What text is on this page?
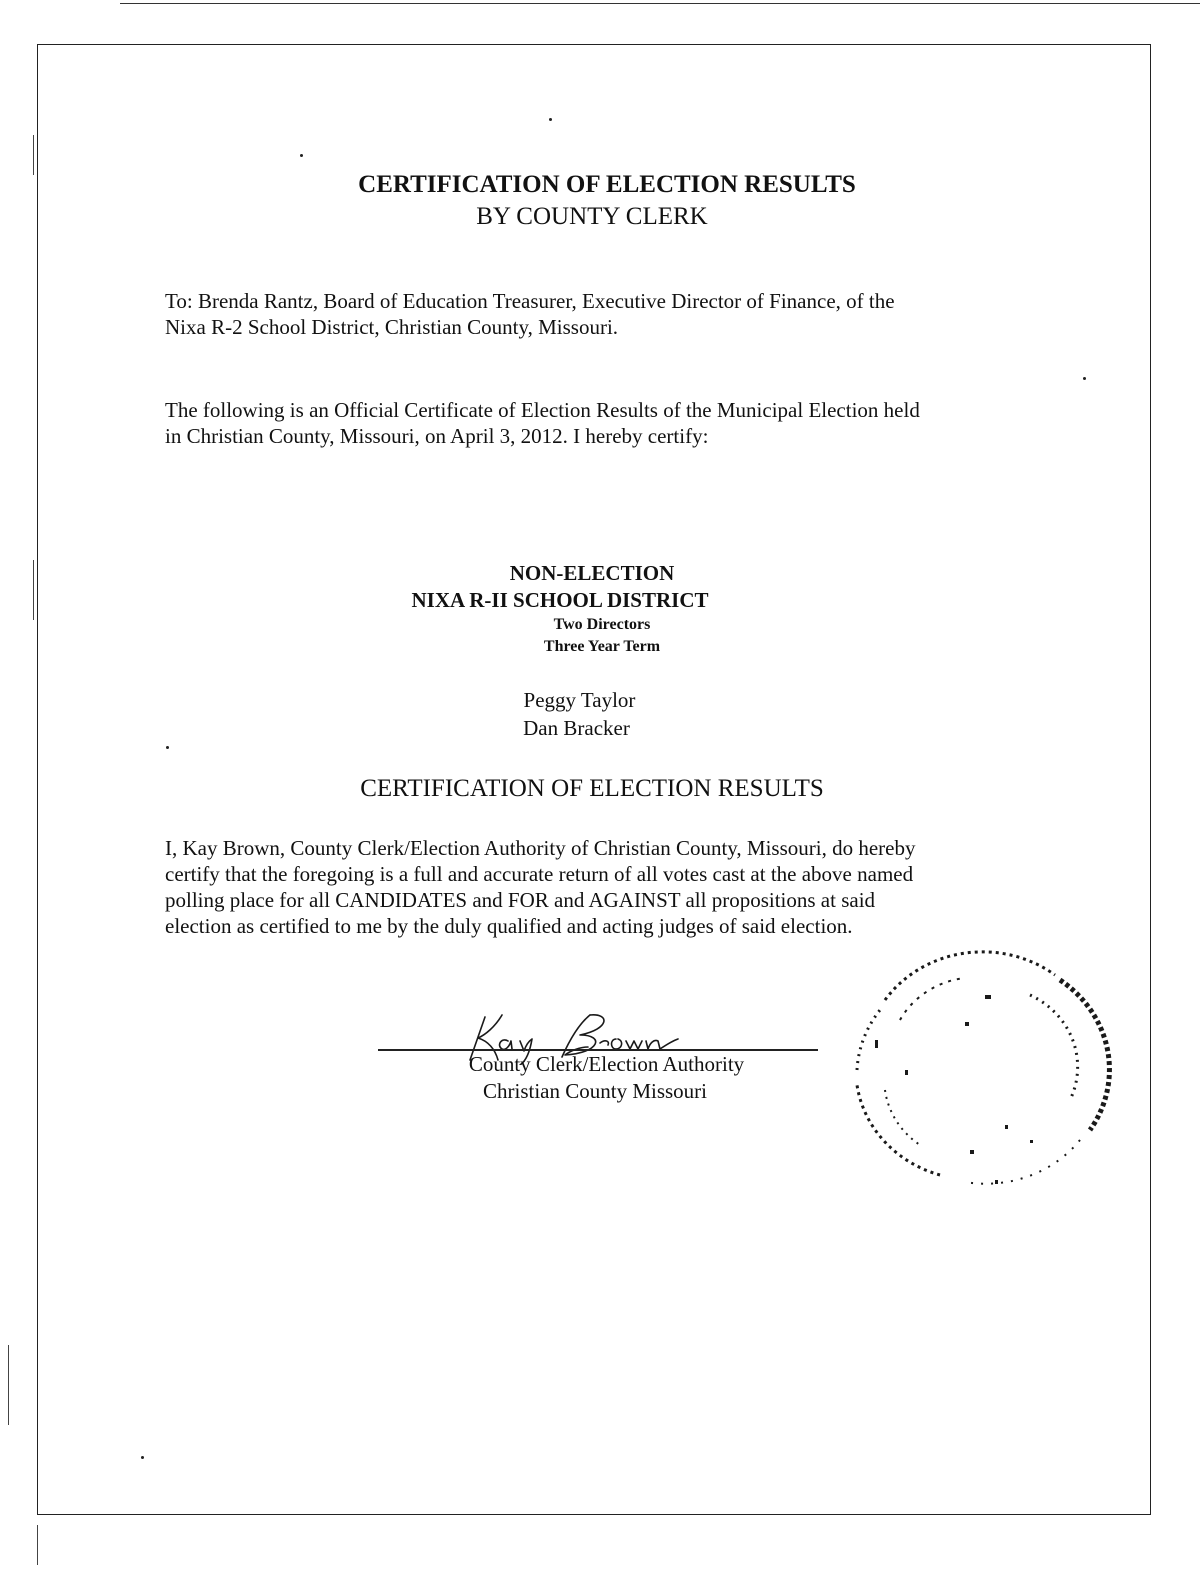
CERTIFICATION OF ELECTION RESULTS
BY COUNTY CLERK
To: Brenda Rantz, Board of Education Treasurer, Executive Director of Finance, of the
Nixa R-2 School District, Christian County, Missouri.
The following is an Official Certificate of Election Results of the Municipal Election held
in Christian County, Missouri, on April 3, 2012. I hereby certify:
NON-ELECTION
NIXA R-II SCHOOL DISTRICT
Two Directors
Three Year Term
Peggy Taylor
Dan Bracker
CERTIFICATION OF ELECTION RESULTS
I, Kay Brown, County Clerk/Election Authority of Christian County, Missouri, do hereby
certify that the foregoing is a full and accurate return of all votes cast at the above named
polling place for all CANDIDATES and FOR and AGAINST all propositions at said
election as certified to me by the duly qualified and acting judges of said election.
County Clerk/Election Authority
Christian County Missouri
